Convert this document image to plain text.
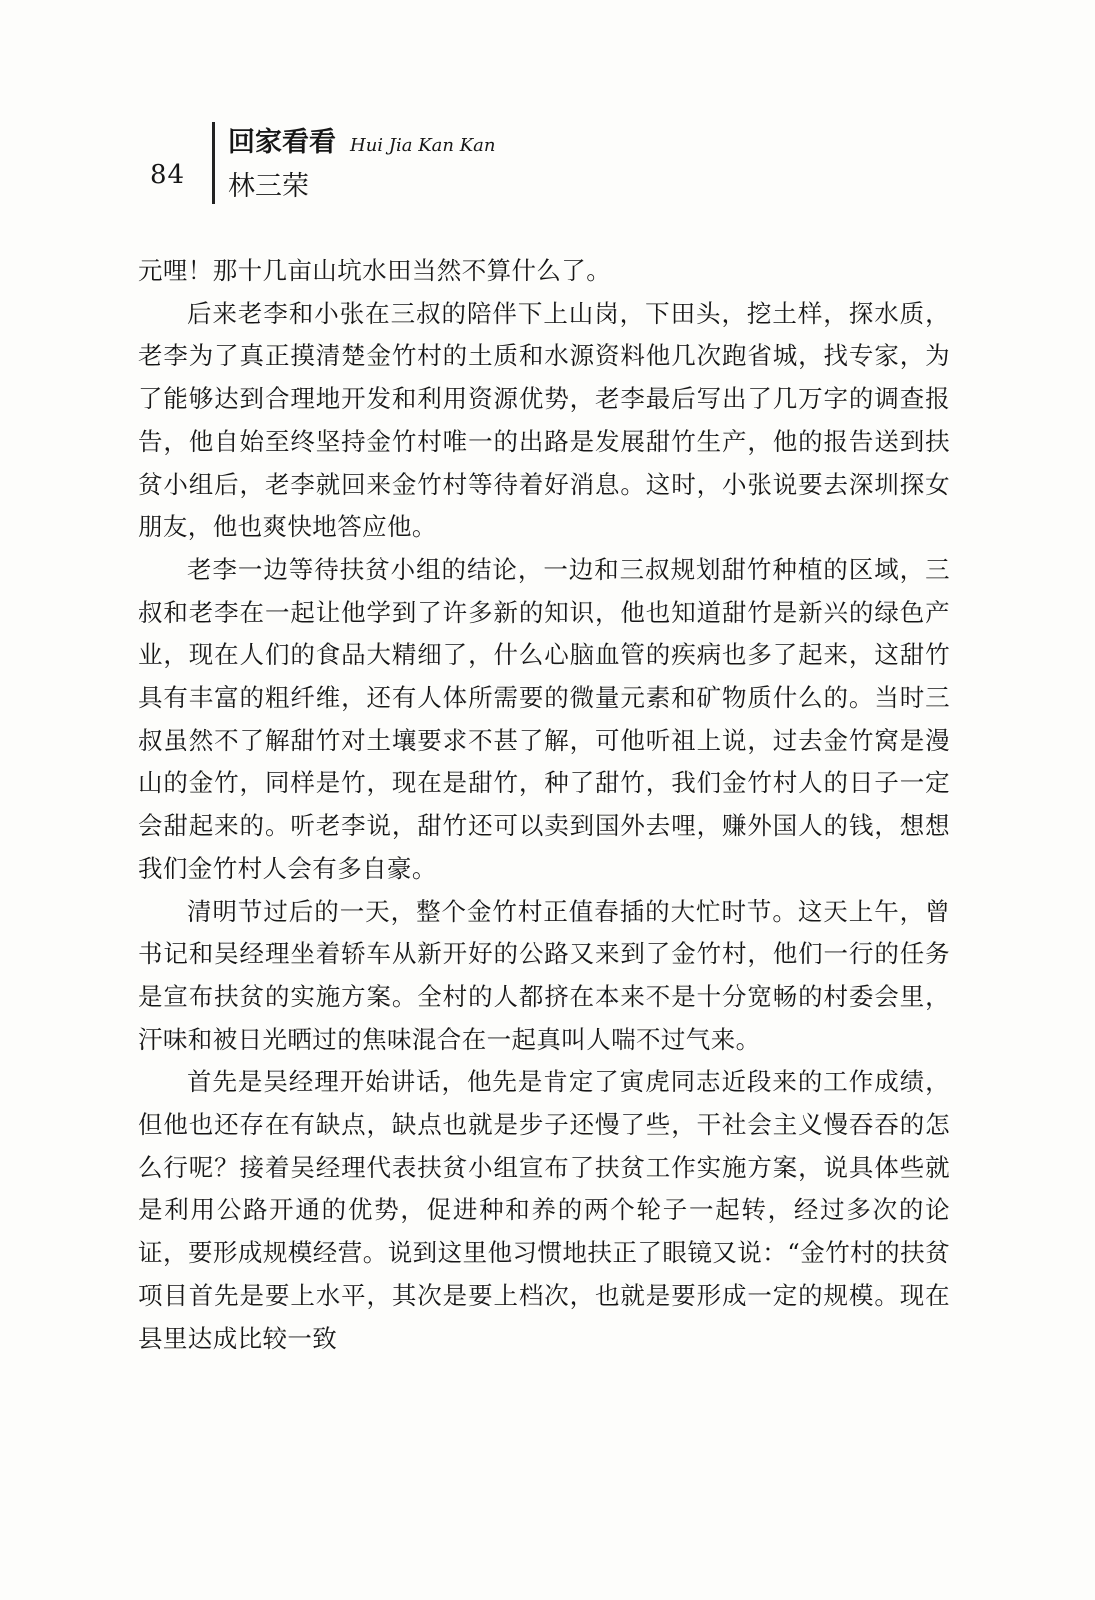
84
回家看看 Hui Jia Kan Kan
林三荣

元哩！那十几亩山坑水田当然不算什么了。

后来老李和小张在三叔的陪伴下上山岗，下田头，挖土样，探水质，老李为了真正摸清楚金竹村的土质和水源资料他几次跑省城，找专家，为了能够达到合理地开发和利用资源优势，老李最后写出了几万字的调查报告，他自始至终坚持金竹村唯一的出路是发展甜竹生产，他的报告送到扶贫小组后，老李就回来金竹村等待着好消息。这时，小张说要去深圳探女朋友，他也爽快地答应他。

老李一边等待扶贫小组的结论，一边和三叔规划甜竹种植的区域，三叔和老李在一起让他学到了许多新的知识，他也知道甜竹是新兴的绿色产业，现在人们的食品大精细了，什么心脑血管的疾病也多了起来，这甜竹具有丰富的粗纤维，还有人体所需要的微量元素和矿物质什么的。当时三叔虽然不了解甜竹对土壤要求不甚了解，可他听祖上说，过去金竹窝是漫山的金竹，同样是竹，现在是甜竹，种了甜竹，我们金竹村人的日子一定会甜起来的。听老李说，甜竹还可以卖到国外去哩，赚外国人的钱，想想我们金竹村人会有多自豪。

清明节过后的一天，整个金竹村正值春插的大忙时节。这天上午，曾书记和吴经理坐着轿车从新开好的公路又来到了金竹村，他们一行的任务是宣布扶贫的实施方案。全村的人都挤在本来不是十分宽畅的村委会里，汗味和被日光晒过的焦味混合在一起真叫人喘不过气来。

首先是吴经理开始讲话，他先是肯定了寅虎同志近段来的工作成绩，但他也还存在有缺点，缺点也就是步子还慢了些，干社会主义慢吞吞的怎么行呢？接着吴经理代表扶贫小组宣布了扶贫工作实施方案，说具体些就是利用公路开通的优势，促进种和养的两个轮子一起转，经过多次的论证，要形成规模经营。说到这里他习惯地扶正了眼镜又说：“金竹村的扶贫项目首先是要上水平，其次是要上档次，也就是要形成一定的规模。现在县里达成比较一致
